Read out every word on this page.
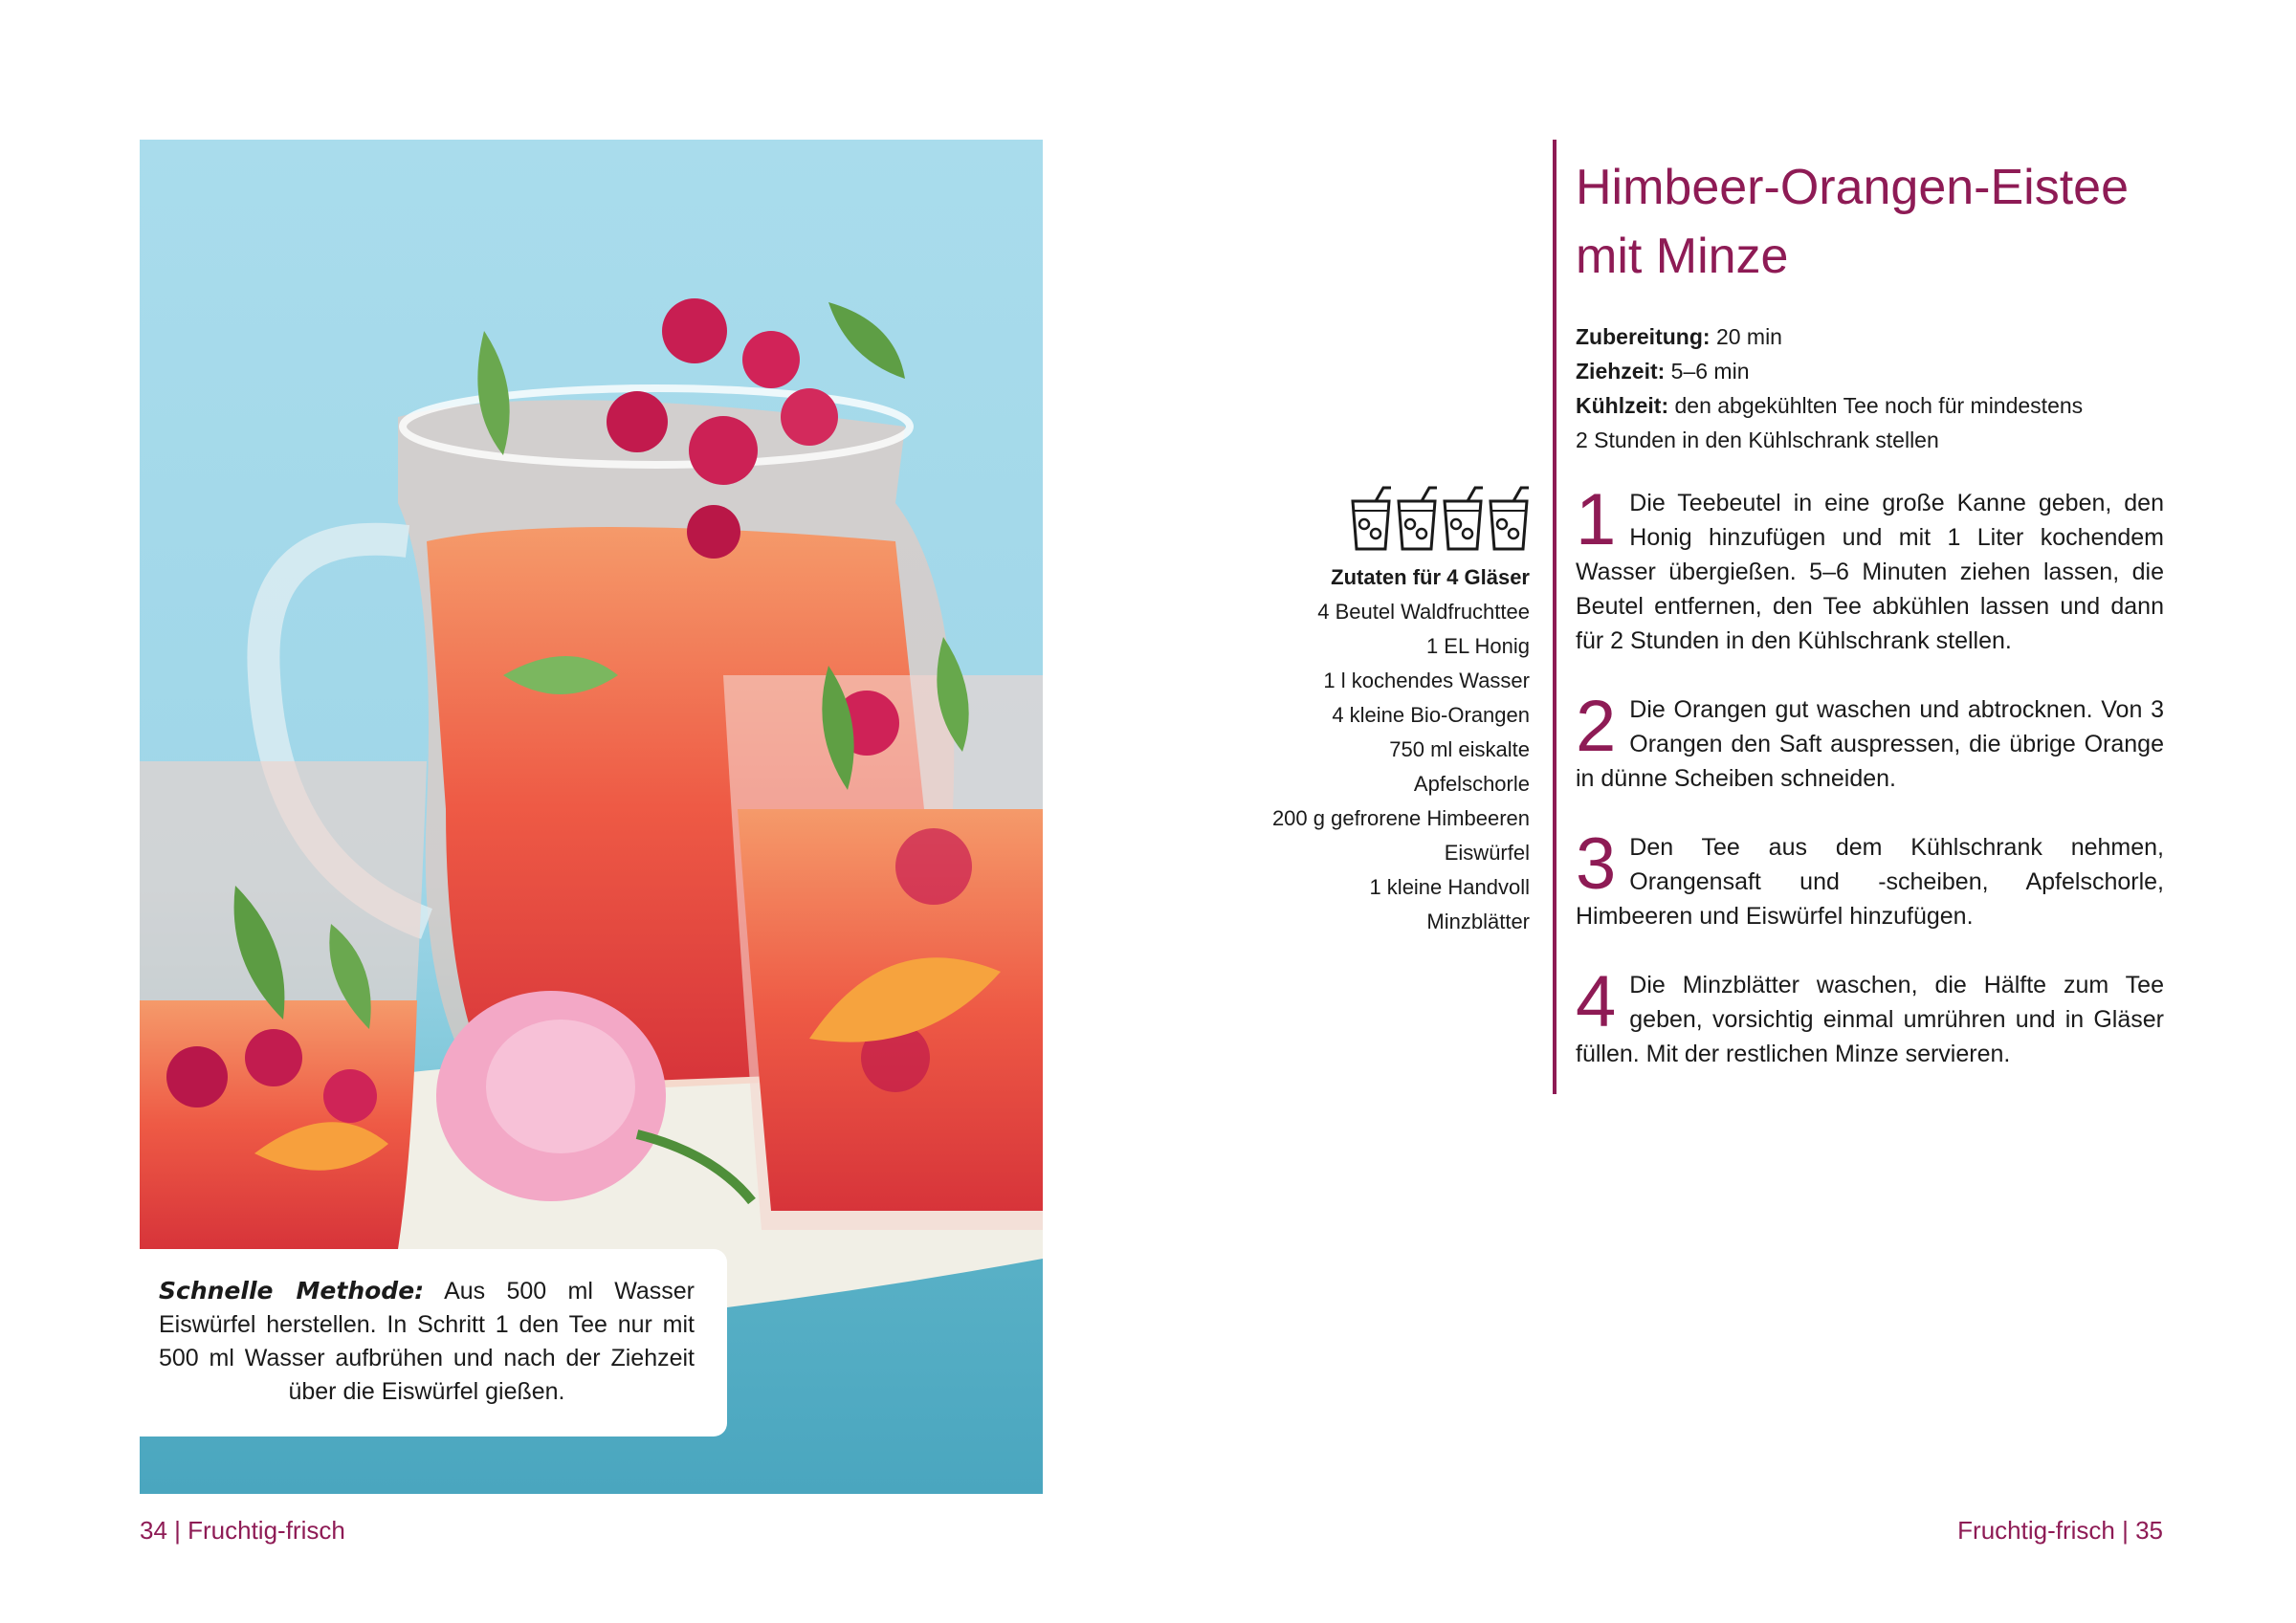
Schnelle Methode: Aus 500 ml Wasser Eiswürfel herstellen. In Schritt 1 den Tee nur mit 500 ml Wasser aufbrühen und nach der Ziehzeit über die Eiswürfel gießen.
34 | Fruchtig-frisch
Himbeer-Orangen-Eistee
mit Minze
Zubereitung: 20 min
Ziehzeit: 5–6 min
Kühlzeit: den abgekühlten Tee noch für mindestens
2 Stunden in den Kühlschrank stellen
Zutaten für 4 Gläser
4 Beutel Waldfruchttee
1 EL Honig
1 l kochendes Wasser
4 kleine Bio-Orangen
750 ml eiskalte
Apfelschorle
200 g gefrorene Himbeeren
Eiswürfel
1 kleine Handvoll
Minzblätter
1 Die Teebeutel in eine große Kanne geben, den Honig hinzufügen und mit 1 Liter kochendem Wasser übergießen. 5–6 Minuten ziehen lassen, die Beutel entfernen, den Tee abkühlen lassen und dann für 2 Stunden in den Kühlschrank stellen.
2 Die Orangen gut waschen und abtrocknen. Von 3 Orangen den Saft auspressen, die übrige Orange in dünne Scheiben schneiden.
3 Den Tee aus dem Kühlschrank nehmen, Orangensaft und -scheiben, Apfelschorle, Himbeeren und Eiswürfel hinzufügen.
4 Die Minzblätter waschen, die Hälfte zum Tee geben, vorsichtig einmal umrühren und in Gläser füllen. Mit der restlichen Minze servieren.
Fruchtig-frisch | 35
